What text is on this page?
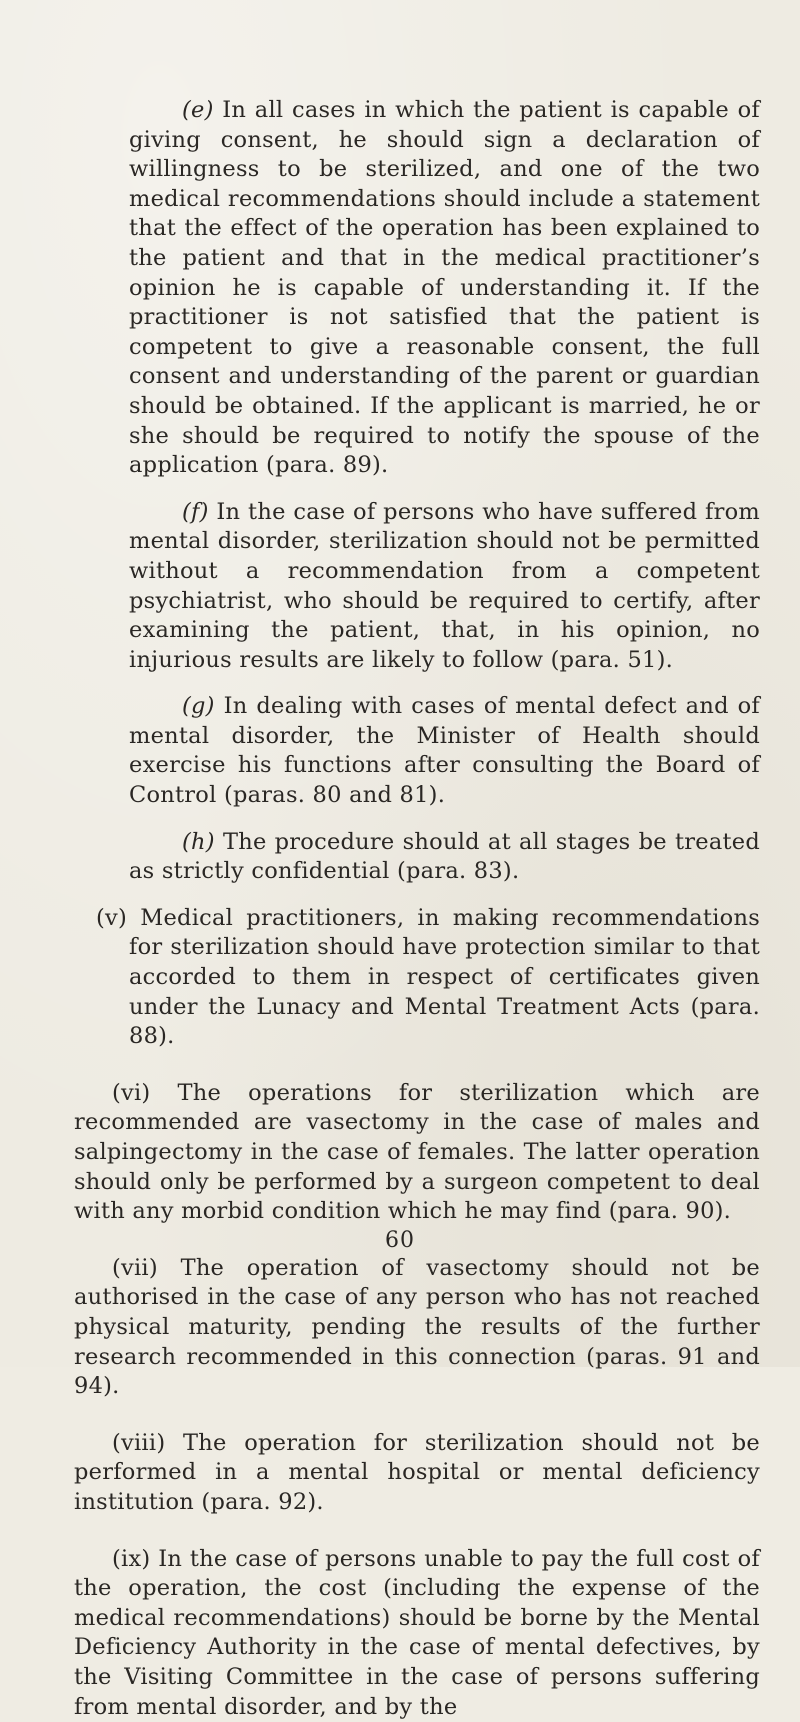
(e) In all cases in which the patient is capable of giving consent, he should sign a declaration of willingness to be sterilized, and one of the two medical recommendations should include a statement that the effect of the operation has been explained to the patient and that in the medical practitioner’s opinion he is capable of understanding it. If the practitioner is not satisfied that the patient is competent to give a reasonable consent, the full consent and understanding of the parent or guardian should be obtained. If the applicant is married, he or she should be required to notify the spouse of the application (para. 89).

(f) In the case of persons who have suffered from mental disorder, sterilization should not be permitted without a recommendation from a competent psychiatrist, who should be required to certify, after examining the patient, that, in his opinion, no injurious results are likely to follow (para. 51).

(g) In dealing with cases of mental defect and of mental disorder, the Minister of Health should exercise his functions after consulting the Board of Control (paras. 80 and 81).

(h) The procedure should at all stages be treated as strictly confidential (para. 83).

(v) Medical practitioners, in making recommendations for sterilization should have protection similar to that accorded to them in respect of certificates given under the Lunacy and Mental Treatment Acts (para. 88).

(vi) The operations for sterilization which are recommended are vasectomy in the case of males and salpingectomy in the case of females. The latter operation should only be performed by a surgeon competent to deal with any morbid condition which he may find (para. 90).

(vii) The operation of vasectomy should not be authorised in the case of any person who has not reached physical maturity, pending the results of the further research recommended in this connection (paras. 91 and 94).

(viii) The operation for sterilization should not be performed in a mental hospital or mental deficiency institution (para. 92).

(ix) In the case of persons unable to pay the full cost of the operation, the cost (including the expense of the medical recommendations) should be borne by the Mental Deficiency Authority in the case of mental defectives, by the Visiting Committee in the case of persons suffering from mental disorder, and by the

60
